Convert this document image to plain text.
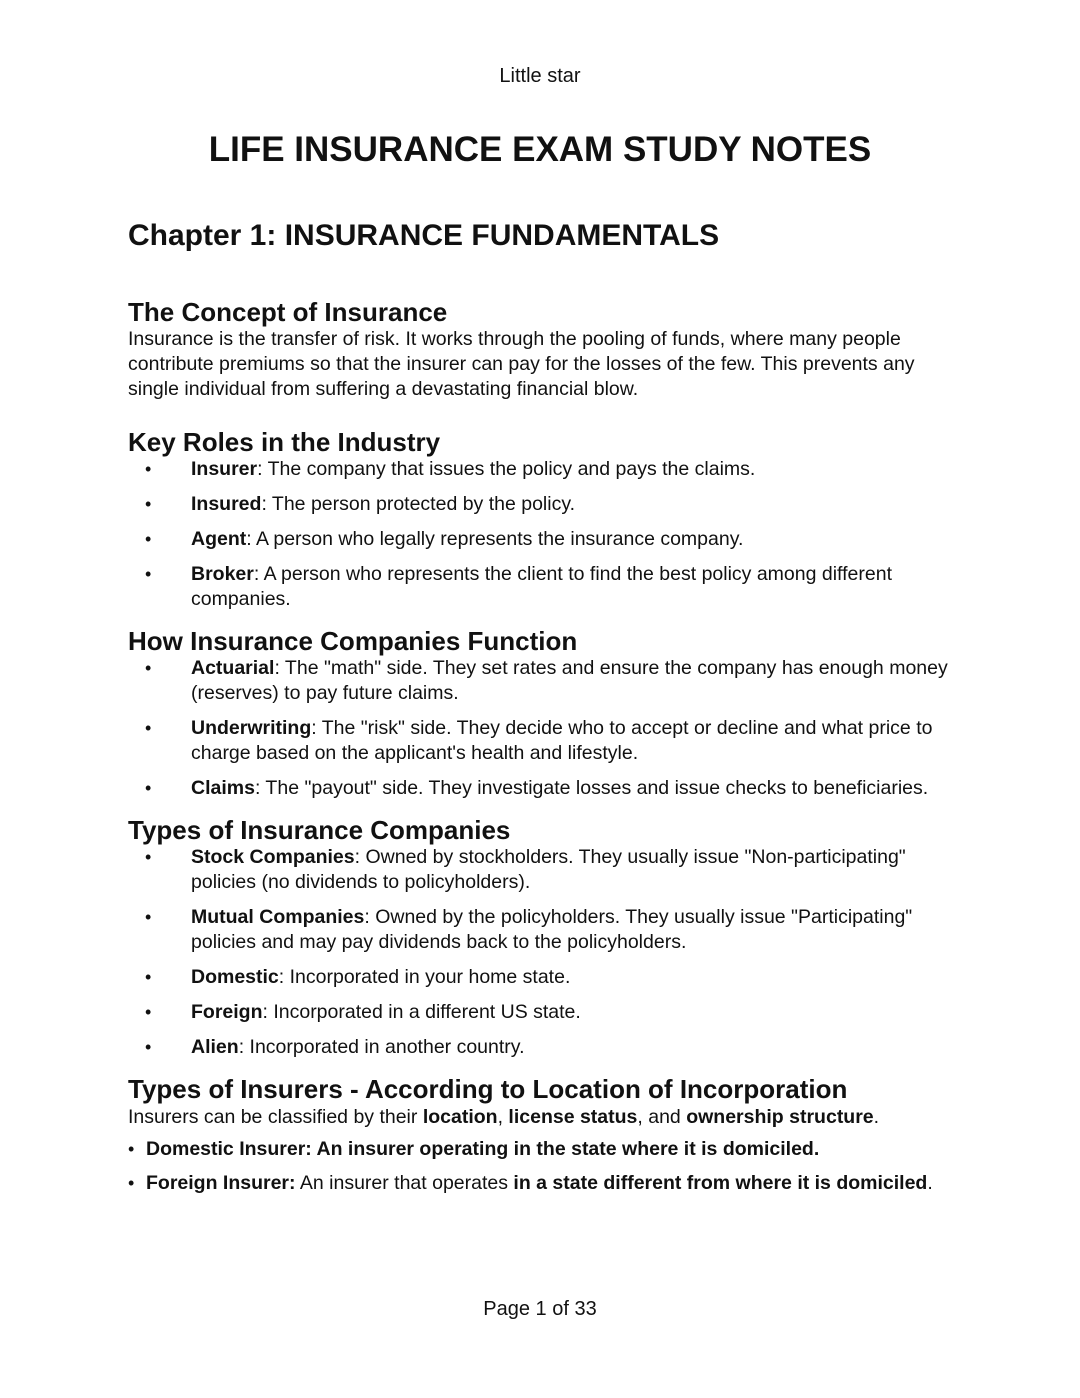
Little star
LIFE INSURANCE EXAM STUDY NOTES
Chapter 1: INSURANCE FUNDAMENTALS
The Concept of Insurance

Insurance is the transfer of risk. It works through the pooling of funds, where many people contribute premiums so that the insurer can pay for the losses of the few. This prevents any single individual from suffering a devastating financial blow.

Key Roles in the Industry
• Insurer: The company that issues the policy and pays the claims.
• Insured: The person protected by the policy.
• Agent: A person who legally represents the insurance company.
• Broker: A person who represents the client to find the best policy among different companies.
How Insurance Companies Function
• Actuarial: The "math" side. They set rates and ensure the company has enough money (reserves) to pay future claims.
• Underwriting: The "risk" side. They decide who to accept or decline and what price to charge based on the applicant's health and lifestyle.
• Claims: The "payout" side. They investigate losses and issue checks to beneficiaries.
Types of Insurance Companies
• Stock Companies: Owned by stockholders. They usually issue "Non-participating" policies (no dividends to policyholders).
• Mutual Companies: Owned by the policyholders. They usually issue "Participating" policies and may pay dividends back to the policyholders.
• Domestic: Incorporated in your home state.
• Foreign: Incorporated in a different US state.
• Alien: Incorporated in another country.
Types of Insurers - According to Location of Incorporation

Insurers can be classified by their location, license status, and ownership structure.

• Domestic Insurer: An insurer operating in the state where it is domiciled.
• Foreign Insurer: An insurer that operates in a state different from where it is domiciled.
Page 1 of 33
